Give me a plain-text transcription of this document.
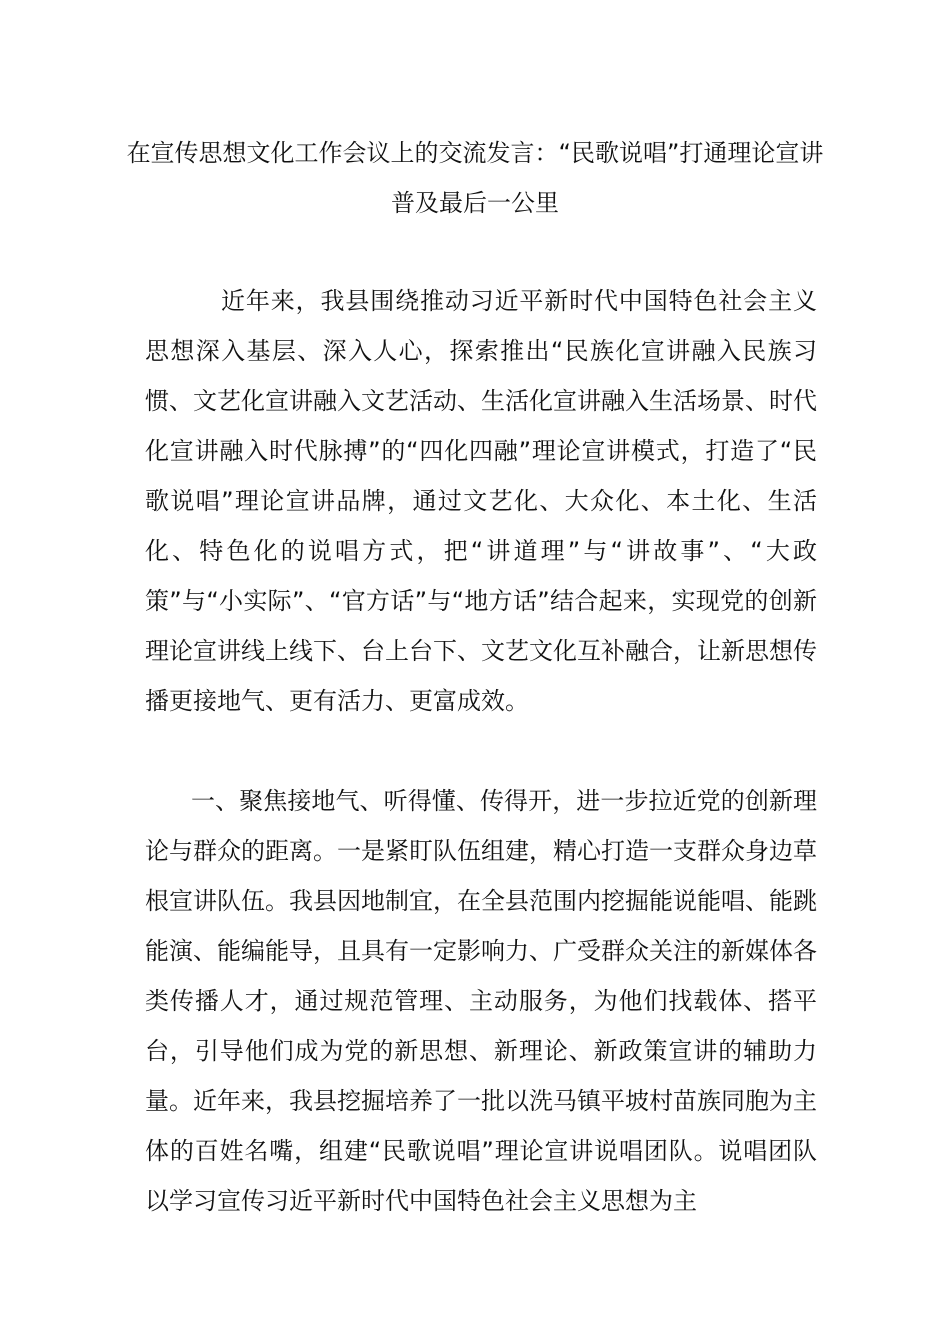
在宣传思想文化工作会议上的交流发言：“民歌说唱”打通理论宣讲普及最后一公里

近年来，我县围绕推动习近平新时代中国特色社会主义思想深入基层、深入人心，探索推出“民族化宣讲融入民族习惯、文艺化宣讲融入文艺活动、生活化宣讲融入生活场景、时代化宣讲融入时代脉搏”的“四化四融”理论宣讲模式，打造了“民歌说唱”理论宣讲品牌，通过文艺化、大众化、本土化、生活化、特色化的说唱方式，把“讲道理”与“讲故事”、“大政策”与“小实际”、“官方话”与“地方话”结合起来，实现党的创新理论宣讲线上线下、台上台下、文艺文化互补融合，让新思想传播更接地气、更有活力、更富成效。

一、聚焦接地气、听得懂、传得开，进一步拉近党的创新理论与群众的距离。一是紧盯队伍组建，精心打造一支群众身边草根宣讲队伍。我县因地制宜，在全县范围内挖掘能说能唱、能跳能演、能编能导，且具有一定影响力、广受群众关注的新媒体各类传播人才，通过规范管理、主动服务，为他们找载体、搭平台，引导他们成为党的新思想、新理论、新政策宣讲的辅助力量。近年来，我县挖掘培养了一批以洗马镇平坡村苗族同胞为主体的百姓名嘴，组建“民歌说唱”理论宣讲说唱团队。说唱团队以学习宣传习近平新时代中国特色社会主义思想为主
